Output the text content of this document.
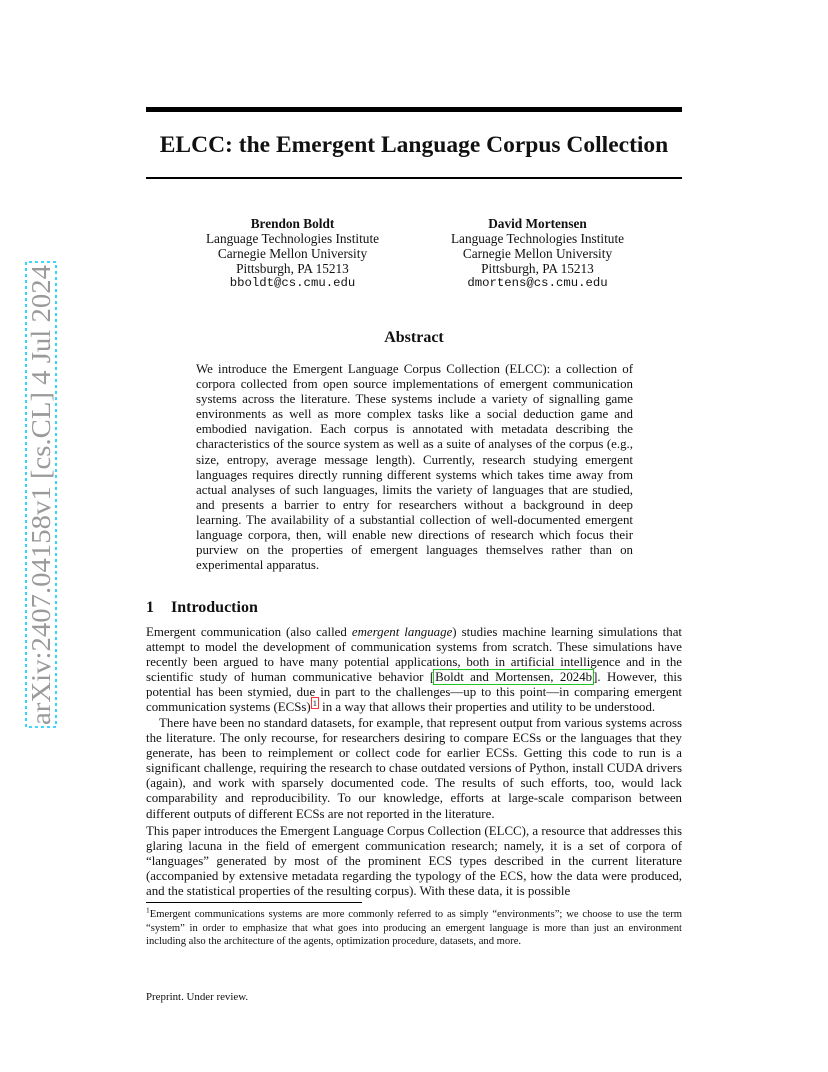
arXiv:2407.04158v1 [cs.CL] 4 Jul 2024
ELCC: the Emergent Language Corpus Collection
Brendon Boldt
Language Technologies Institute
Carnegie Mellon University
Pittsburgh, PA 15213
bboldt@cs.cmu.edu
David Mortensen
Language Technologies Institute
Carnegie Mellon University
Pittsburgh, PA 15213
dmortens@cs.cmu.edu
Abstract
We introduce the Emergent Language Corpus Collection (ELCC): a collection of corpora collected from open source implementations of emergent communication systems across the literature. These systems include a variety of signalling game environments as well as more complex tasks like a social deduction game and embodied navigation. Each corpus is annotated with metadata describing the characteristics of the source system as well as a suite of analyses of the corpus (e.g., size, entropy, average message length). Currently, research studying emergent languages requires directly running different systems which takes time away from actual analyses of such languages, limits the variety of languages that are studied, and presents a barrier to entry for researchers without a background in deep learning. The availability of a substantial collection of well-documented emergent language corpora, then, will enable new directions of research which focus their purview on the properties of emergent languages themselves rather than on experimental apparatus.
1 Introduction

Emergent communication (also called emergent language) studies machine learning simulations that attempt to model the development of communication systems from scratch. These simulations have recently been argued to have many potential applications, both in artificial intelligence and in the scientific study of human communicative behavior [Boldt and Mortensen, 2024b]. However, this potential has been stymied, due in part to the challenges—up to this point—in comparing emergent communication systems (ECSs) $^1$ in a way that allows their properties and utility to be understood.

There have been no standard datasets, for example, that represent output from various systems across the literature. The only recourse, for researchers desiring to compare ECSs or the languages that they generate, has been to reimplement or collect code for earlier ECSs. Getting this code to run is a significant challenge, requiring the research to chase outdated versions of Python, install CUDA drivers (again), and work with sparsely documented code. The results of such efforts, too, would lack comparability and reproducibility. To our knowledge, efforts at large-scale comparison between different outputs of different ECSs are not reported in the literature.

This paper introduces the Emergent Language Corpus Collection (ELCC), a resource that addresses this glaring lacuna in the field of emergent communication research; namely, it is a set of corpora of “languages” generated by most of the prominent ECS types described in the current literature (accompanied by extensive metadata regarding the typology of the ECS, how the data were produced, and the statistical properties of the resulting corpus). With these data, it is possible

$^1$Emergent communications systems are more commonly referred to as simply “environments”; we choose to use the term “system” in order to emphasize that what goes into producing an emergent language is more than just an environment including also the architecture of the agents, optimization procedure, datasets, and more.
Preprint. Under review.
